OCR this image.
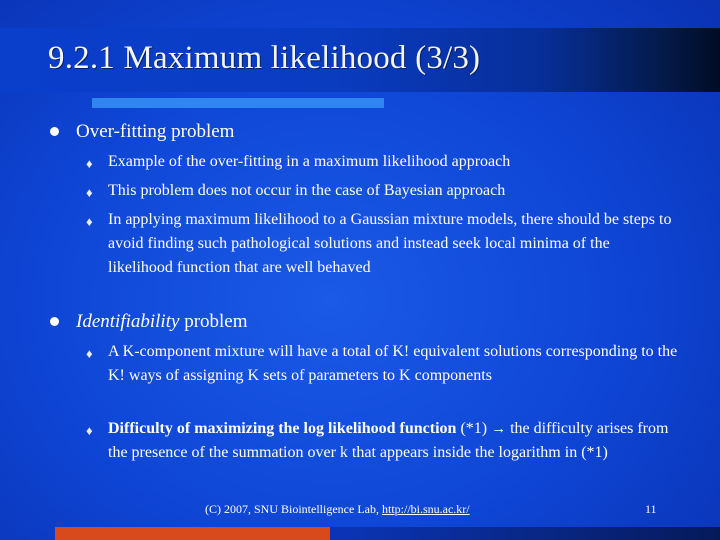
9.2.1 Maximum likelihood (3/3)
Over-fitting problem
♦ Example of the over-fitting in a maximum likelihood approach
♦ This problem does not occur in the case of Bayesian approach
♦ In applying maximum likelihood to a Gaussian mixture models, there should be steps to avoid finding such pathological solutions and instead seek local minima of the likelihood function that are well behaved
Identifiability problem
♦ A K-component mixture will have a total of K! equivalent solutions corresponding to the K! ways of assigning K sets of parameters to K components
♦ Difficulty of maximizing the log likelihood function (*1) → the difficulty arises from the presence of the summation over k that appears inside the logarithm in (*1)
(C) 2007, SNU Biointelligence Lab, http://bi.snu.ac.kr/	11
